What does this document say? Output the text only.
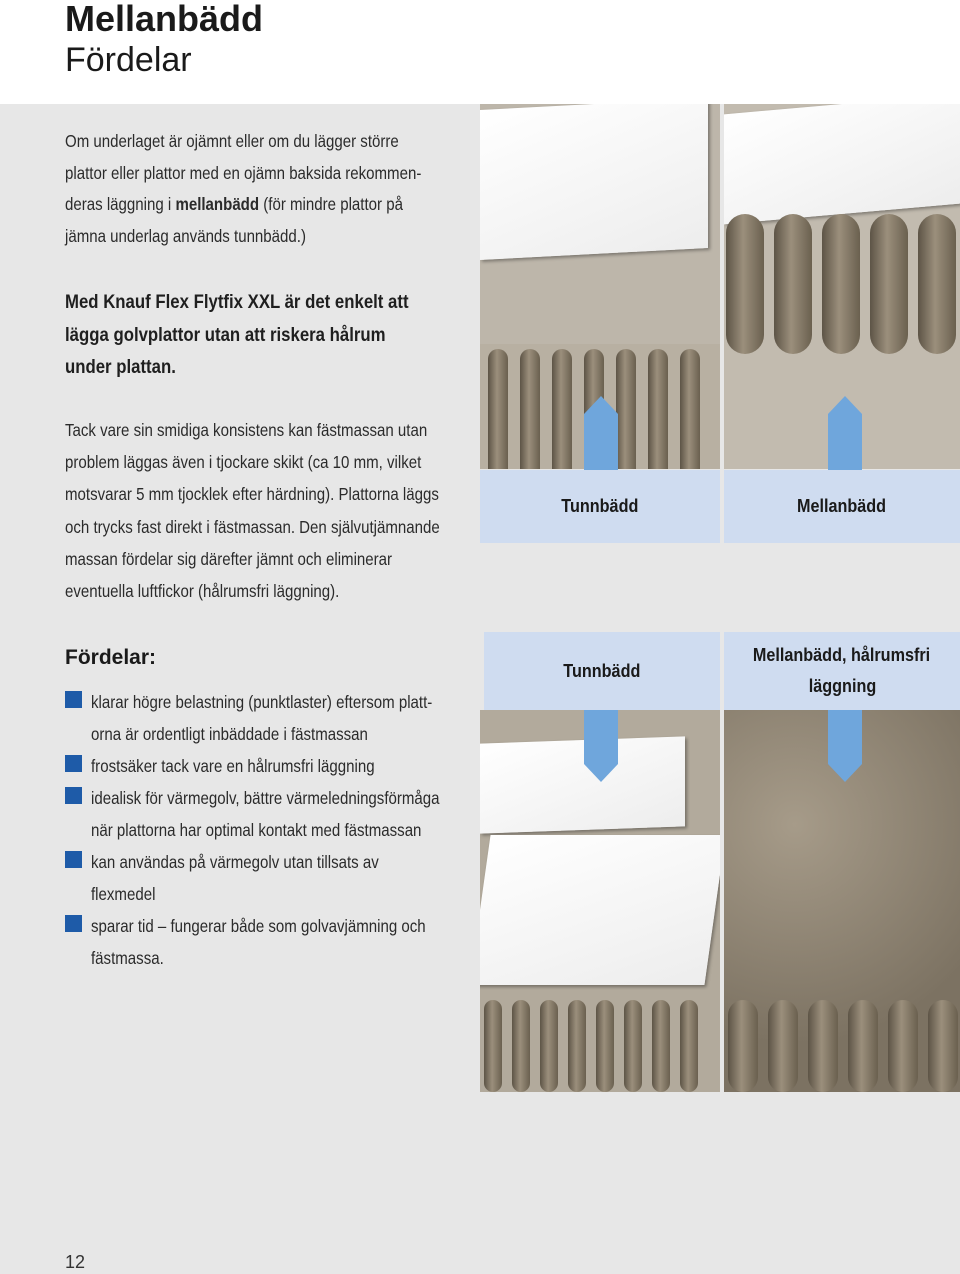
Mellanbädd
Fördelar

Om underlaget är ojämnt eller om du lägger större

plattor eller plattor med en ojämn baksida rekommen-

deras läggning i mellanbädd (för mindre plattor på

jämna underlag används tunnbädd.)

Med Knauf Flex Flytfix XXL är det enkelt att

lägga golvplattor utan att riskera hålrum

under plattan.

Tack vare sin smidiga konsistens kan fästmassan utan

problem läggas även i tjockare skikt (ca 10 mm, vilket

motsvarar 5 mm tjocklek efter härdning). Plattorna läggs

och trycks fast direkt i fästmassan. Den självutjämnande

massan fördelar sig därefter jämnt och eliminerar

eventuella luftfickor (hålrumsfri läggning).

Fördelar:
klarar högre belastning (punktlaster) eftersom platt-
orna är ordentligt inbäddade i fästmassan
frostsäker tack vare en hålrumsfri läggning
idealisk för värmegolv, bättre värmeledningsförmåga
när plattorna har optimal kontakt med fästmassan
kan användas på värmegolv utan tillsats av
flexmedel
sparar tid – fungerar både som golvavjämning och
fästmassa.
Tunnbädd	Mellanbädd
Tunnbädd
Mellanbädd, hålrumsfri
läggning

12
